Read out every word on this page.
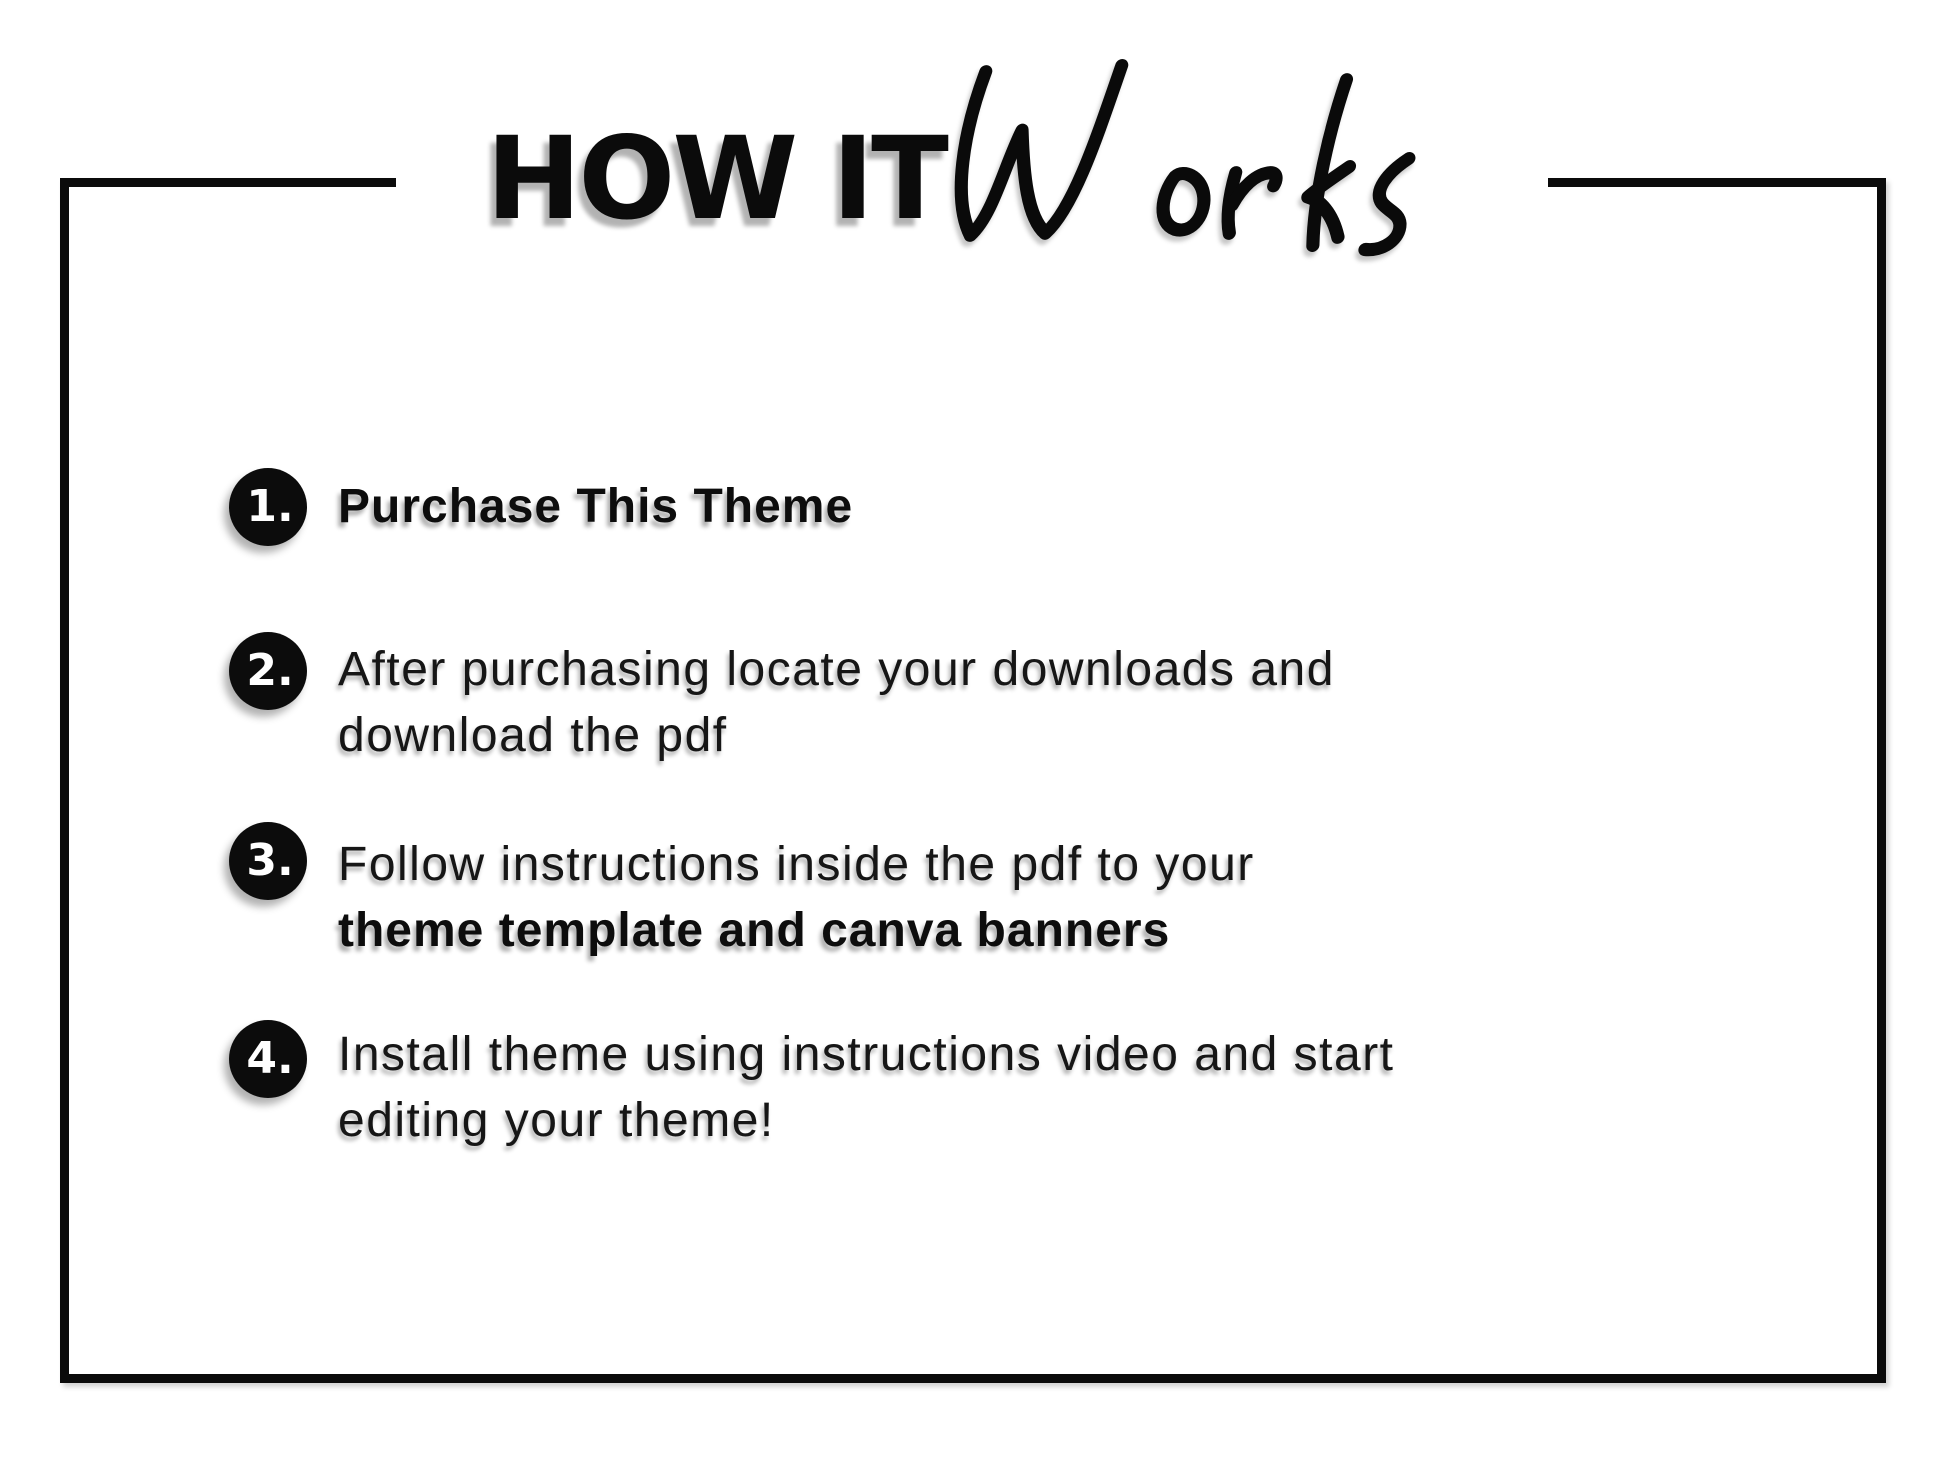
HOW IT
1. Purchase This Theme

2. After purchasing locate your downloads and

download the pdf

3. Follow instructions inside the pdf to your

theme template and canva banners

4. Install theme using instructions video and start

editing your theme!
